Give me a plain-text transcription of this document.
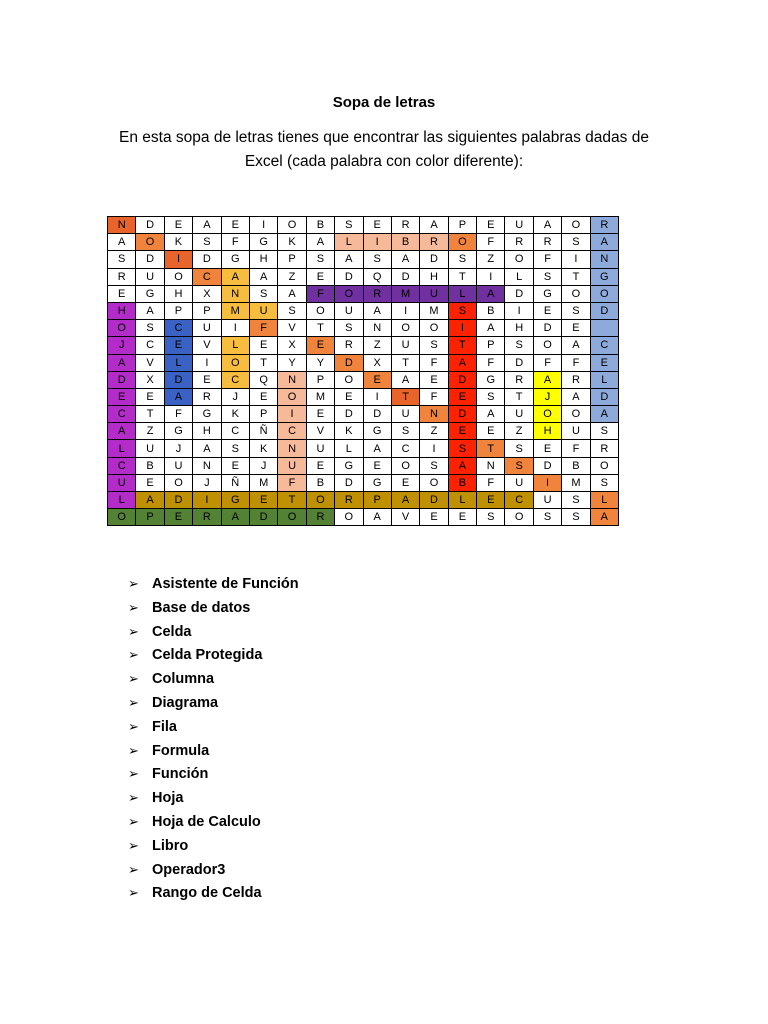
Sopa de letras
En esta sopa de letras tienes que encontrar las siguientes palabras dadas de Excel (cada palabra con color diferente):
N	D	E	A	E	I	O	B	S	E	R	A	P	E	U	A	O	R
A	O	K	S	F	G	K	A	L	I	B	R	O	F	R	R	S	A
S	D	I	D	G	H	P	S	A	S	A	D	S	Z	O	F	I	N
R	U	O	C	A	A	Z	E	D	Q	D	H	T	I	L	S	T	G
E	G	H	X	N	S	A	F	O	R	M	U	L	A	D	G	O	O
H	A	P	P	M	U	S	O	U	A	I	M	S	B	I	E	S	D
O	S	C	U	I	F	V	T	S	N	O	O	I	A	H	D	E	
J	C	E	V	L	E	X	E	R	Z	U	S	T	P	S	O	A	C
A	V	L	I	O	T	Y	Y	D	X	T	F	A	F	D	F	F	E
D	X	D	E	C	Q	N	P	O	E	A	E	D	G	R	A	R	L
E	E	A	R	J	E	O	M	E	I	T	F	E	S	T	J	A	D
C	T	F	G	K	P	I	E	D	D	U	N	D	A	U	O	O	A
A	Z	G	H	C	Ñ	C	V	K	G	S	Z	E	E	Z	H	U	S
L	U	J	A	S	K	N	U	L	A	C	I	S	T	S	E	F	R
C	B	U	N	E	J	U	E	G	E	O	S	A	N	S	D	B	O
U	E	O	J	Ñ	M	F	B	D	G	E	O	B	F	U	I	M	S
L	A	D	I	G	E	T	O	R	P	A	D	L	E	C	U	S	L
O	P	E	R	A	D	O	R	O	A	V	E	E	S	O	S	S	A
➢ Asistente de Función
➢ Base de datos
➢ Celda
➢ Celda Protegida
➢ Columna
➢ Diagrama
➢ Fila
➢ Formula
➢ Función
➢ Hoja
➢ Hoja de Calculo
➢ Libro
➢ Operador3
➢ Rango de Celda
